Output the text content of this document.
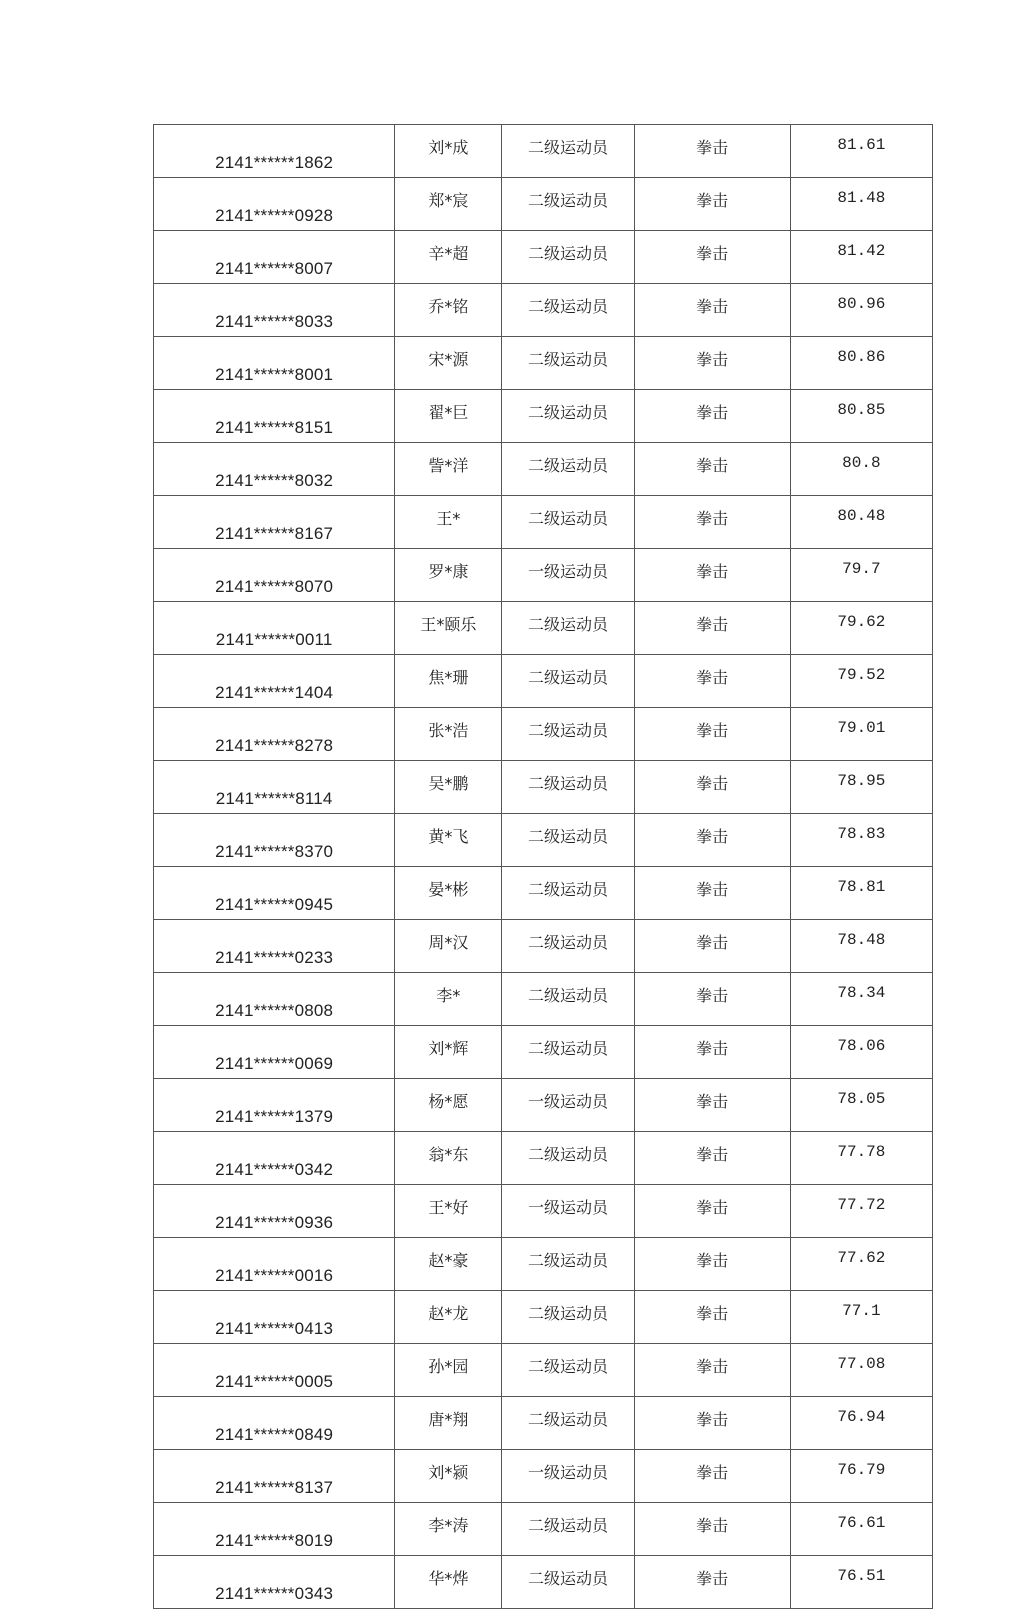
2141******1862	刘*成	二级运动员	拳击	81.61
2141******0928	郑*宸	二级运动员	拳击	81.48
2141******8007	辛*超	二级运动员	拳击	81.42
2141******8033	乔*铭	二级运动员	拳击	80.96
2141******8001	宋*源	二级运动员	拳击	80.86
2141******8151	翟*巨	二级运动员	拳击	80.85
2141******8032	訾*洋	二级运动员	拳击	80.8
2141******8167	王*	二级运动员	拳击	80.48
2141******8070	罗*康	一级运动员	拳击	79.7
2141******0011	王*颐乐	二级运动员	拳击	79.62
2141******1404	焦*珊	二级运动员	拳击	79.52
2141******8278	张*浩	二级运动员	拳击	79.01
2141******8114	吴*鹏	二级运动员	拳击	78.95
2141******8370	黄*飞	二级运动员	拳击	78.83
2141******0945	晏*彬	二级运动员	拳击	78.81
2141******0233	周*汉	二级运动员	拳击	78.48
2141******0808	李*	二级运动员	拳击	78.34
2141******0069	刘*辉	二级运动员	拳击	78.06
2141******1379	杨*愿	一级运动员	拳击	78.05
2141******0342	翁*东	二级运动员	拳击	77.78
2141******0936	王*好	一级运动员	拳击	77.72
2141******0016	赵*豪	二级运动员	拳击	77.62
2141******0413	赵*龙	二级运动员	拳击	77.1
2141******0005	孙*园	二级运动员	拳击	77.08
2141******0849	唐*翔	二级运动员	拳击	76.94
2141******8137	刘*颍	一级运动员	拳击	76.79
2141******8019	李*涛	二级运动员	拳击	76.61
2141******0343	华*烨	二级运动员	拳击	76.51
